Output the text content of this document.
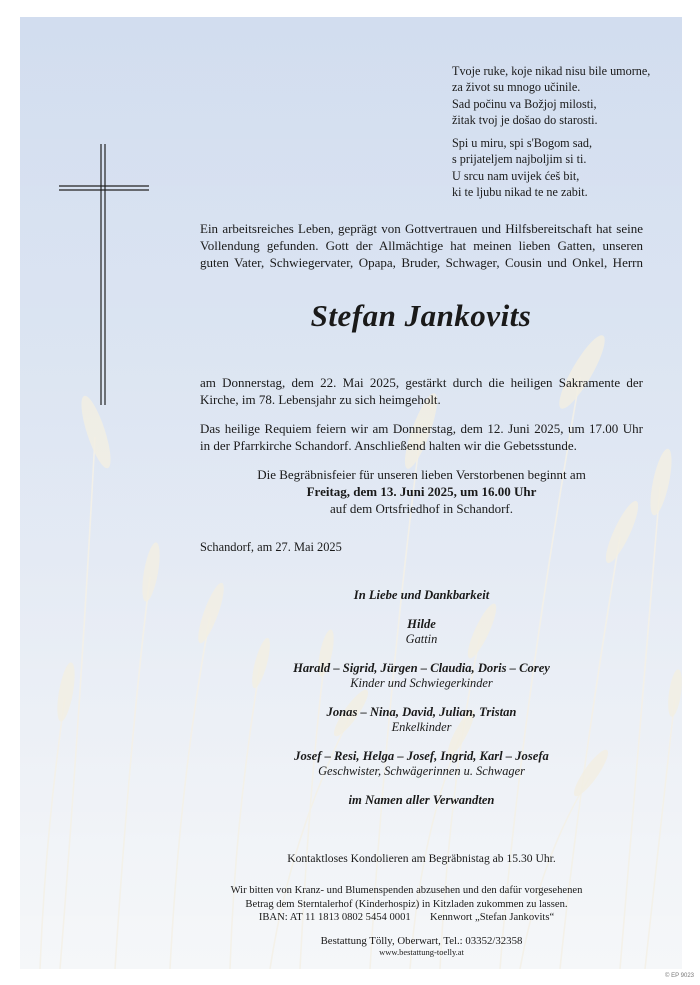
Tvoje ruke, koje nikad nisu bile umorne,
za život su mnogo učinile.
Sad počinu va Božjoj milosti,
žitak tvoj je došao do starosti.
Spi u miru, spi s'Bogom sad,
s prijateljem najboljim si ti.
U srcu nam uvijek ćeš bit,
ki te ljubu nikad te ne zabit.
Ein arbeitsreiches Leben, geprägt von Gottvertrauen und Hilfsbereitschaft hat seine
Vollendung gefunden. Gott der Allmächtige hat meinen lieben Gatten, unseren
guten Vater, Schwiegervater, Opapa, Bruder, Schwager, Cousin und Onkel, Herrn
Stefan Jankovits
am Donnerstag, dem 22. Mai 2025, gestärkt durch die heiligen Sakramente der
Kirche, im 78. Lebensjahr zu sich heimgeholt.
Das heilige Requiem feiern wir am Donnerstag, dem 12. Juni 2025, um 17.00 Uhr
in der Pfarrkirche Schandorf. Anschließend halten wir die Gebetsstunde.
Die Begräbnisfeier für unseren lieben Verstorbenen beginnt am
Freitag, dem 13. Juni 2025, um 16.00 Uhr
auf dem Ortsfriedhof in Schandorf.
Schandorf, am 27. Mai 2025
In Liebe und Dankbarkeit
Hilde
Gattin
Harald – Sigrid, Jürgen – Claudia, Doris – Corey
Kinder und Schwiegerkinder
Jonas – Nina, David, Julian, Tristan
Enkelkinder
Josef – Resi, Helga – Josef, Ingrid, Karl – Josefa
Geschwister, Schwägerinnen u. Schwager
im Namen aller Verwandten
Kontaktloses Kondolieren am Begräbnistag ab 15.30 Uhr.
Wir bitten von Kranz- und Blumenspenden abzusehen und den dafür vorgesehenen
Betrag dem Sterntalerhof (Kinderhospiz) in Kitzladen zukommen zu lassen.
IBAN: AT 11 1813 0802 5454 0001 Kennwort „Stefan Jankovits“
Bestattung Tölly, Oberwart, Tel.: 03352/32358
www.bestattung-toelly.at
© EP 9023
